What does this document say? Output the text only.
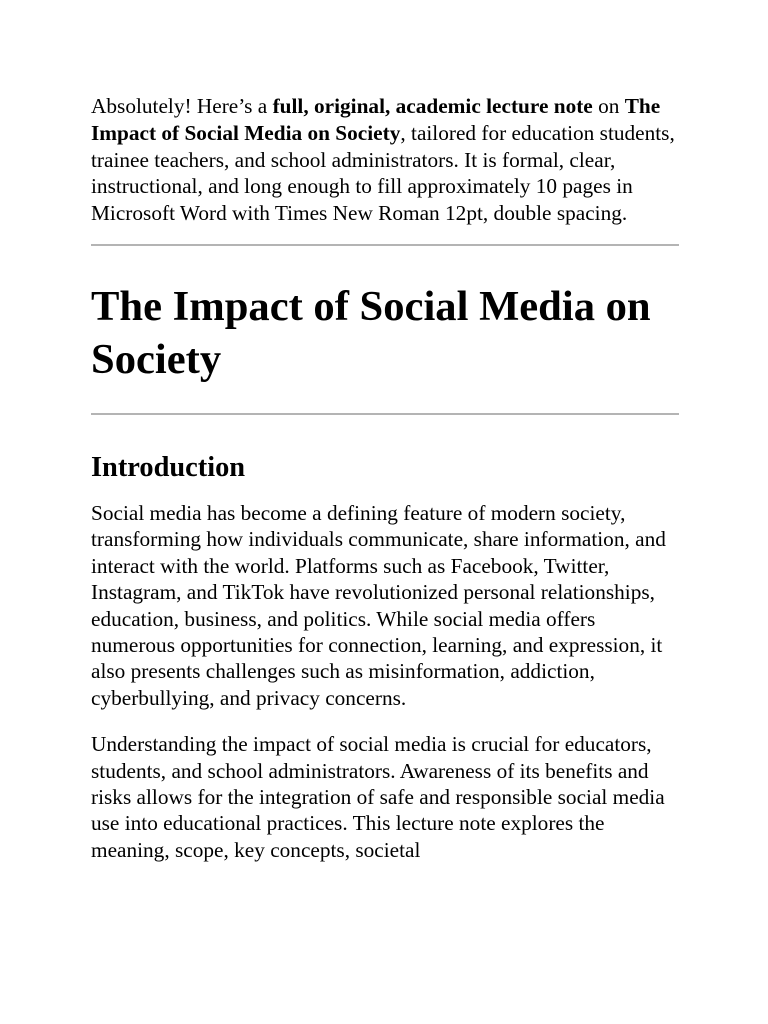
Absolutely! Here’s a full, original, academic lecture note on The Impact of Social Media on Society, tailored for education students, trainee teachers, and school administrators. It is formal, clear, instructional, and long enough to fill approximately 10 pages in Microsoft Word with Times New Roman 12pt, double spacing.

The Impact of Social Media on Society
Introduction

Social media has become a defining feature of modern society, transforming how individuals communicate, share information, and interact with the world. Platforms such as Facebook, Twitter, Instagram, and TikTok have revolutionized personal relationships, education, business, and politics. While social media offers numerous opportunities for connection, learning, and expression, it also presents challenges such as misinformation, addiction, cyberbullying, and privacy concerns.

Understanding the impact of social media is crucial for educators, students, and school administrators. Awareness of its benefits and risks allows for the integration of safe and responsible social media use into educational practices. This lecture note explores the meaning, scope, key concepts, societal
